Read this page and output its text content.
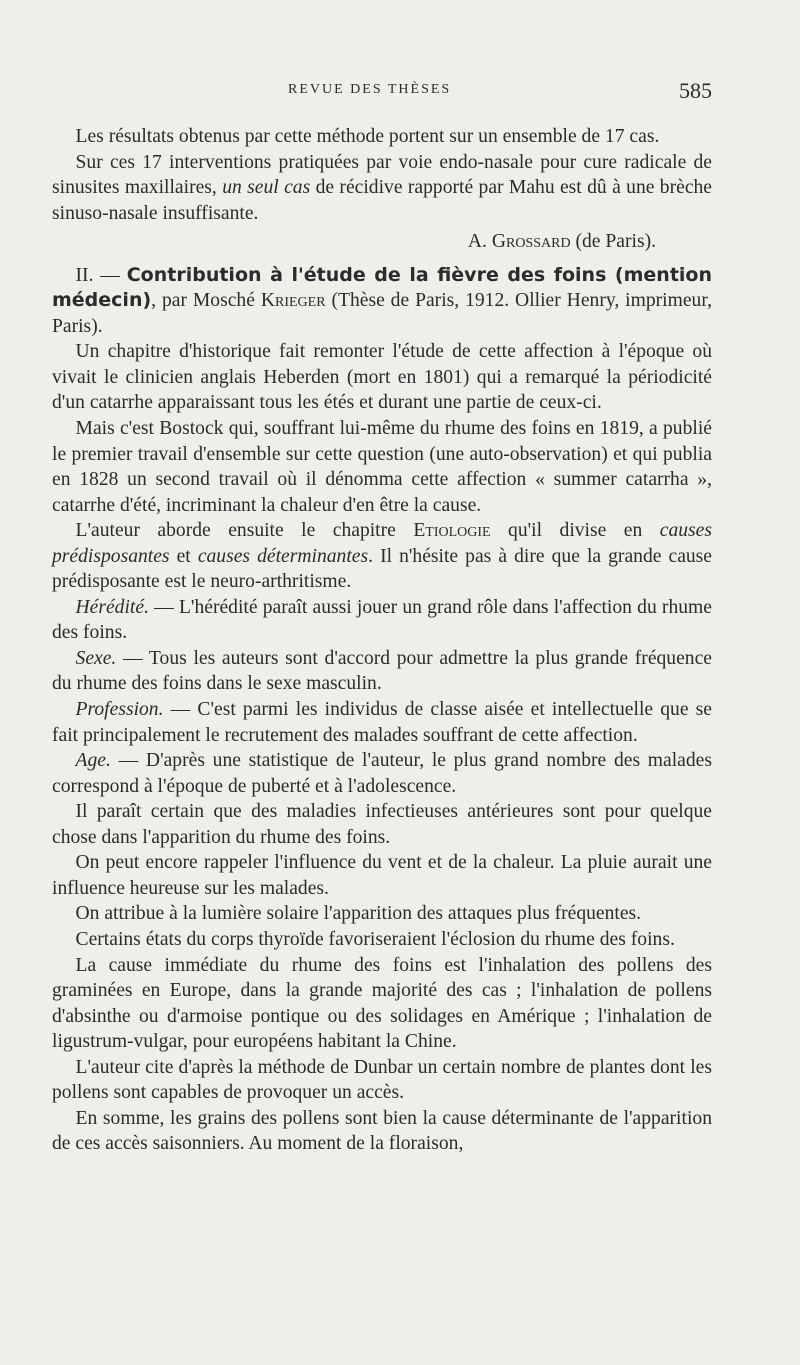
REVUE DES THÈSES	585

Les résultats obtenus par cette méthode portent sur un ensemble de 17 cas.

Sur ces 17 interventions pratiquées par voie endo-nasale pour cure radicale de sinusites maxillaires, un seul cas de récidive rapporté par Mahu est dû à une brèche sinuso-nasale insuffisante.

A. Grossard (de Paris).

II. — Contribution à l'étude de la fièvre des foins (mention médecin), par Mosché Krieger (Thèse de Paris, 1912. Ollier Henry, imprimeur, Paris).

Un chapitre d'historique fait remonter l'étude de cette affection à l'époque où vivait le clinicien anglais Heberden (mort en 1801) qui a remarqué la périodicité d'un catarrhe apparaissant tous les étés et durant une partie de ceux-ci.

Mais c'est Bostock qui, souffrant lui-même du rhume des foins en 1819, a publié le premier travail d'ensemble sur cette question (une auto-observation) et qui publia en 1828 un second travail où il dénomma cette affection « summer catarrha », catarrhe d'été, incriminant la chaleur d'en être la cause.

L'auteur aborde ensuite le chapitre Etiologie qu'il divise en causes prédisposantes et causes déterminantes. Il n'hésite pas à dire que la grande cause prédisposante est le neuro-arthritisme.

Hérédité. — L'hérédité paraît aussi jouer un grand rôle dans l'affection du rhume des foins.

Sexe. — Tous les auteurs sont d'accord pour admettre la plus grande fréquence du rhume des foins dans le sexe masculin.

Profession. — C'est parmi les individus de classe aisée et intellectuelle que se fait principalement le recrutement des malades souffrant de cette affection.

Age. — D'après une statistique de l'auteur, le plus grand nombre des malades correspond à l'époque de puberté et à l'adolescence.

Il paraît certain que des maladies infectieuses antérieures sont pour quelque chose dans l'apparition du rhume des foins.

On peut encore rappeler l'influence du vent et de la chaleur. La pluie aurait une influence heureuse sur les malades.

On attribue à la lumière solaire l'apparition des attaques plus fréquentes.

Certains états du corps thyroïde favoriseraient l'éclosion du rhume des foins.

La cause immédiate du rhume des foins est l'inhalation des pollens des graminées en Europe, dans la grande majorité des cas ; l'inhalation de pollens d'absinthe ou d'armoise pontique ou des solidages en Amérique ; l'inhalation de ligustrum-vulgar, pour européens habitant la Chine.

L'auteur cite d'après la méthode de Dunbar un certain nombre de plantes dont les pollens sont capables de provoquer un accès.

En somme, les grains des pollens sont bien la cause déterminante de l'apparition de ces accès saisonniers. Au moment de la floraison,
